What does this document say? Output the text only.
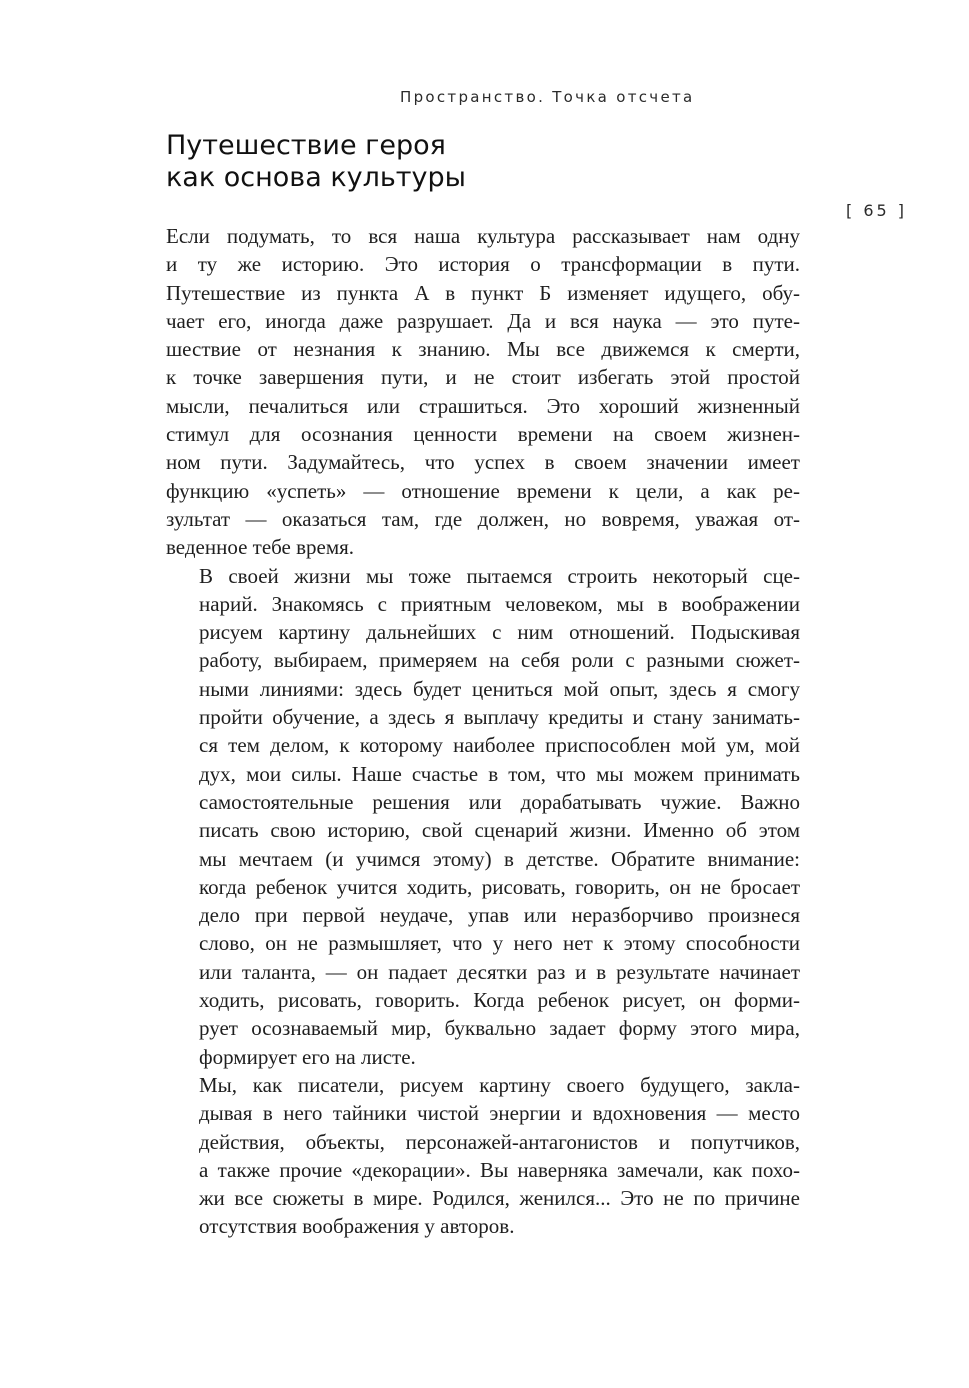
Пространство. Точка отсчета
[ 65 ]
Путешествие героя
как основа культуры

Если подумать, то вся наша культура рассказывает нам одну
и ту же историю. Это история о трансформации в пути.
Путешествие из пункта А в пункт Б изменяет идущего, обу-
чает его, иногда даже разрушает. Да и вся наука — это путе-
шествие от незнания к знанию. Мы все движемся к смерти,
к точке завершения пути, и не стоит избегать этой простой
мысли, печалиться или страшиться. Это хороший жизненный
стимул для осознания ценности времени на своем жизнен-
ном пути. Задумайтесь, что успех в своем значении имеет
функцию «успеть» — отношение времени к цели, а как ре-
зультат — оказаться там, где должен, но вовремя, уважая от-
веденное тебе время.

В своей жизни мы тоже пытаемся строить некоторый сце-
нарий. Знакомясь с приятным человеком, мы в воображении
рисуем картину дальнейших с ним отношений. Подыскивая
работу, выбираем, примеряем на себя роли с разными сюжет-
ными линиями: здесь будет цениться мой опыт, здесь я смогу
пройти обучение, а здесь я выплачу кредиты и стану занимать-
ся тем делом, к которому наиболее приспособлен мой ум, мой
дух, мои силы. Наше счастье в том, что мы можем принимать
самостоятельные решения или дорабатывать чужие. Важно
писать свою историю, свой сценарий жизни. Именно об этом
мы мечтаем (и учимся этому) в детстве. Обратите внимание:
когда ребенок учится ходить, рисовать, говорить, он не бросает
дело при первой неудаче, упав или неразборчиво произнеся
слово, он не размышляет, что у него нет к этому способности
или таланта, — он падает десятки раз и в результате начинает
ходить, рисовать, говорить. Когда ребенок рисует, он форми-
рует осознаваемый мир, буквально задает форму этого мира,
формирует его на листе.

Мы, как писатели, рисуем картину своего будущего, закла-
дывая в него тайники чистой энергии и вдохновения — место
действия, объекты, персонажей-антагонистов и попутчиков,
а также прочие «декорации». Вы наверняка замечали, как похо-
жи все сюжеты в мире. Родился, женился... Это не по причине
отсутствия воображения у авторов.
